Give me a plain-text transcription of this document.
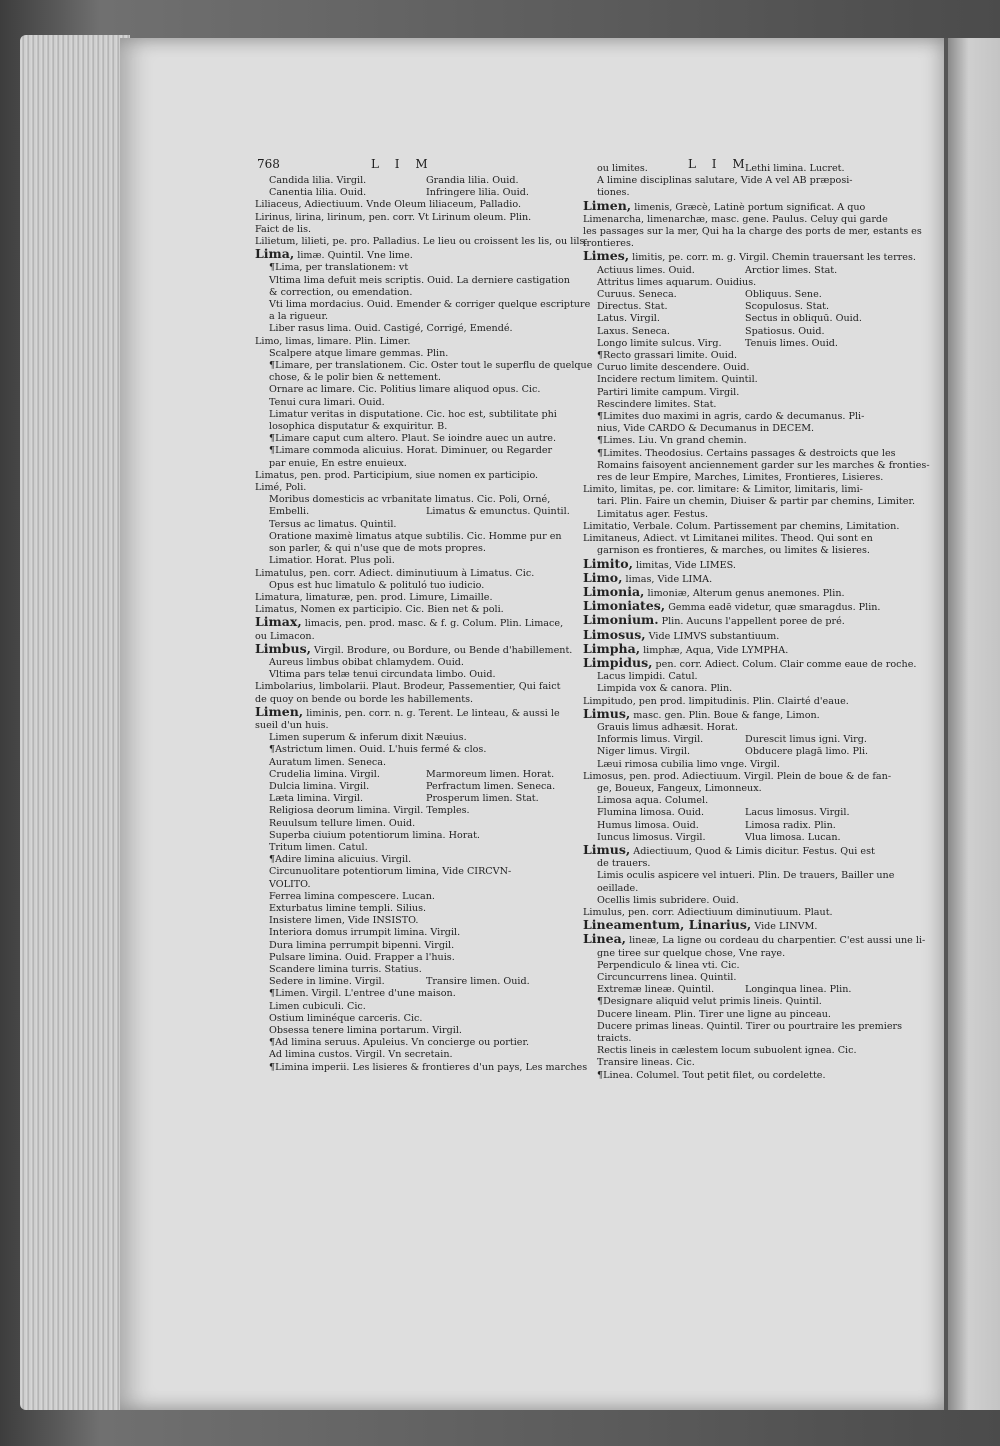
768	L I M	L I M
Candida lilia. Virgil.	Grandia lilia. Ouid.
Canentia lilia. Ouid.	Infringere lilia. Ouid.
Liliaceus, Adiectiuum. Vnde Oleum liliaceum, Palladio.
Lirinus, lirina, lirinum, pen. corr. Vt Lirinum oleum. Plin.
Faict de lis.
Lilietum, lilieti, pe. pro. Palladius. Le lieu ou croissent les lis, ou lils.
Lima, limæ. Quintil. Vne lime.
¶Lima, per translationem: vt
Vltima lima defuit meis scriptis. Ouid. La derniere castigation
& correction, ou emendation.
Vti lima mordacius. Ouid. Emender & corriger quelque escripture
a la rigueur.
Liber rasus lima. Ouid. Castigé, Corrigé, Emendé.
Limo, limas, limare. Plin. Limer.
Scalpere atque limare gemmas. Plin.
¶Limare, per translationem. Cic. Oster tout le superflu de quelque
chose, & le polir bien & nettement.
Ornare ac limare. Cic. Politius limare aliquod opus. Cic.
Tenui cura limari. Ouid.
Limatur veritas in disputatione. Cic. hoc est, subtilitate phi
losophica disputatur & exquiritur. B.
¶Limare caput cum altero. Plaut. Se ioindre auec un autre.
¶Limare commoda alicuius. Horat. Diminuer, ou Regarder
par enuie, En estre enuieux.
Limatus, pen. prod. Participium, siue nomen ex participio.
Limé, Poli.
Moribus domesticis ac vrbanitate limatus. Cic. Poli, Orné,
Embelli.	Limatus & emunctus. Quintil.
Tersus ac limatus. Quintil.
Oratione maximè limatus atque subtilis. Cic. Homme pur en
son parler, & qui n'use que de mots propres.
Limatior. Horat. Plus poli.
Limatulus, pen. corr. Adiect. diminutiuum à Limatus. Cic.
Opus est huc limatulo & polituló tuo iudicio.
Limatura, limaturæ, pen. prod. Limure, Limaille.
Limatus, Nomen ex participio. Cic. Bien net & poli.
Limax, limacis, pen. prod. masc. & f. g. Colum. Plin. Limace,
ou Limacon.
Limbus, Virgil. Brodure, ou Bordure, ou Bende d'habillement.
Aureus limbus obibat chlamydem. Ouid.
Vltima pars telæ tenui circundata limbo. Ouid.
Limbolarius, limbolarii. Plaut. Brodeur, Passementier, Qui faict
de quoy on bende ou borde les habillements.
Limen, liminis, pen. corr. n. g. Terent. Le linteau, & aussi le
sueil d'un huis.
Limen superum & inferum dixit Næuius.
¶Astrictum limen. Ouid. L'huis fermé & clos.
Auratum limen. Seneca.
Crudelia limina. Virgil.	Marmoreum limen. Horat.
Dulcia limina. Virgil.	Perfractum limen. Seneca.
Læta limina. Virgil.	Prosperum limen. Stat.
Religiosa deorum limina. Virgil. Temples.
Reuulsum tellure limen. Ouid.
Superba ciuium potentiorum limina. Horat.
Tritum limen. Catul.
¶Adire limina alicuius. Virgil.
Circunuolitare potentiorum limina, Vide CIRCVN-
VOLITO.
Ferrea limina compescere. Lucan.
Exturbatus limine templi. Silius.
Insistere limen, Vide INSISTO.
Interiora domus irrumpit limina. Virgil.
Dura limina perrumpit bipenni. Virgil.
Pulsare limina. Ouid. Frapper a l'huis.
Scandere limina turris. Statius.
Sedere in limine. Virgil.	Transire limen. Ouid.
¶Limen. Virgil. L'entree d'une maison.
Limen cubiculi. Cic.
Ostium liminéque carceris. Cic.
Obsessa tenere limina portarum. Virgil.
¶Ad limina seruus. Apuleius. Vn concierge ou portier.
Ad limina custos. Virgil. Vn secretain.
¶Limina imperii. Les lisieres & frontieres d'un pays, Les marches
ou limites.	Lethi limina. Lucret.
A limine disciplinas salutare, Vide A vel AB præposi-
tiones.
Limen, limenis, Græcè, Latinè portum significat. A quo
Limenarcha, limenarchæ, masc. gene. Paulus. Celuy qui garde
les passages sur la mer, Qui ha la charge des ports de mer, estants es
frontieres.
Limes, limitis, pe. corr. m. g. Virgil. Chemin trauersant les terres.
Actiuus limes. Ouid.	Arctior limes. Stat.
Attritus limes aquarum. Ouidius.
Curuus. Seneca.	Obliquus. Sene.
Directus. Stat.	Scopulosus. Stat.
Latus. Virgil.	Sectus in obliquū. Ouid.
Laxus. Seneca.	Spatiosus. Ouid.
Longo limite sulcus. Virg.	Tenuis limes. Ouid.
¶Recto grassari limite. Ouid.
Curuo limite descendere. Ouid.
Incidere rectum limitem. Quintil.
Partiri limite campum. Virgil.
Rescindere limites. Stat.
¶Limites duo maximi in agris, cardo & decumanus. Pli-
nius, Vide CARDO & Decumanus in DECEM.
¶Limes. Liu. Vn grand chemin.
¶Limites. Theodosius. Certains passages & destroicts que les
Romains faisoyent anciennement garder sur les marches & fronties-
res de leur Empire, Marches, Limites, Frontieres, Lisieres.
Limito, limitas, pe. cor. limitare: & Limitor, limitaris, limi-
tari. Plin. Faire un chemin, Diuiser & partir par chemins, Limiter.
Limitatus ager. Festus.
Limitatio, Verbale. Colum. Partissement par chemins, Limitation.
Limitaneus, Adiect. vt Limitanei milites. Theod. Qui sont en
garnison es frontieres, & marches, ou limites & lisieres.
Limito, limitas, Vide LIMES.
Limo, limas, Vide LIMA.
Limonia, limoniæ, Alterum genus anemones. Plin.
Limoniates, Gemma eadē videtur, quæ smaragdus. Plin.
Limonium. Plin. Aucuns l'appellent poree de pré.
Limosus, Vide LIMVS substantiuum.
Limpha, limphæ, Aqua, Vide LYMPHA.
Limpidus, pen. corr. Adiect. Colum. Clair comme eaue de roche.
Lacus limpidi. Catul.
Limpida vox & canora. Plin.
Limpitudo, pen prod. limpitudinis. Plin. Clairté d'eaue.
Limus, masc. gen. Plin. Boue & fange, Limon.
Grauis limus adhæsit. Horat.
Informis limus. Virgil.	Durescit limus igni. Virg.
Niger limus. Virgil.	Obducere plagā limo. Pli.
Læui rimosa cubilia limo vnge. Virgil.
Limosus, pen. prod. Adiectiuum. Virgil. Plein de boue & de fan-
ge, Boueux, Fangeux, Limonneux.
Limosa aqua. Columel.
Flumina limosa. Ouid.	Lacus limosus. Virgil.
Humus limosa. Ouid.	Limosa radix. Plin.
Iuncus limosus. Virgil.	Vlua limosa. Lucan.
Limus, Adiectiuum, Quod & Limis dicitur. Festus. Qui est
de trauers.
Limis oculis aspicere vel intueri. Plin. De trauers, Bailler une
oeillade.
Ocellis limis subridere. Ouid.
Limulus, pen. corr. Adiectiuum diminutiuum. Plaut.
Lineamentum, Linarius, Vide LINVM.
Linea, lineæ, La ligne ou cordeau du charpentier. C'est aussi une li-
gne tiree sur quelque chose, Vne raye.
Perpendiculo & linea vti. Cic.
Circuncurrens linea. Quintil.
Extremæ lineæ. Quintil.	Longinqua linea. Plin.
¶Designare aliquid velut primis lineis. Quintil.
Ducere lineam. Plin. Tirer une ligne au pinceau.
Ducere primas lineas. Quintil. Tirer ou pourtraire les premiers
traicts.
Rectis lineis in cælestem locum subuolent ignea. Cic.
Transire lineas. Cic.
¶Linea. Columel. Tout petit filet, ou cordelette.
